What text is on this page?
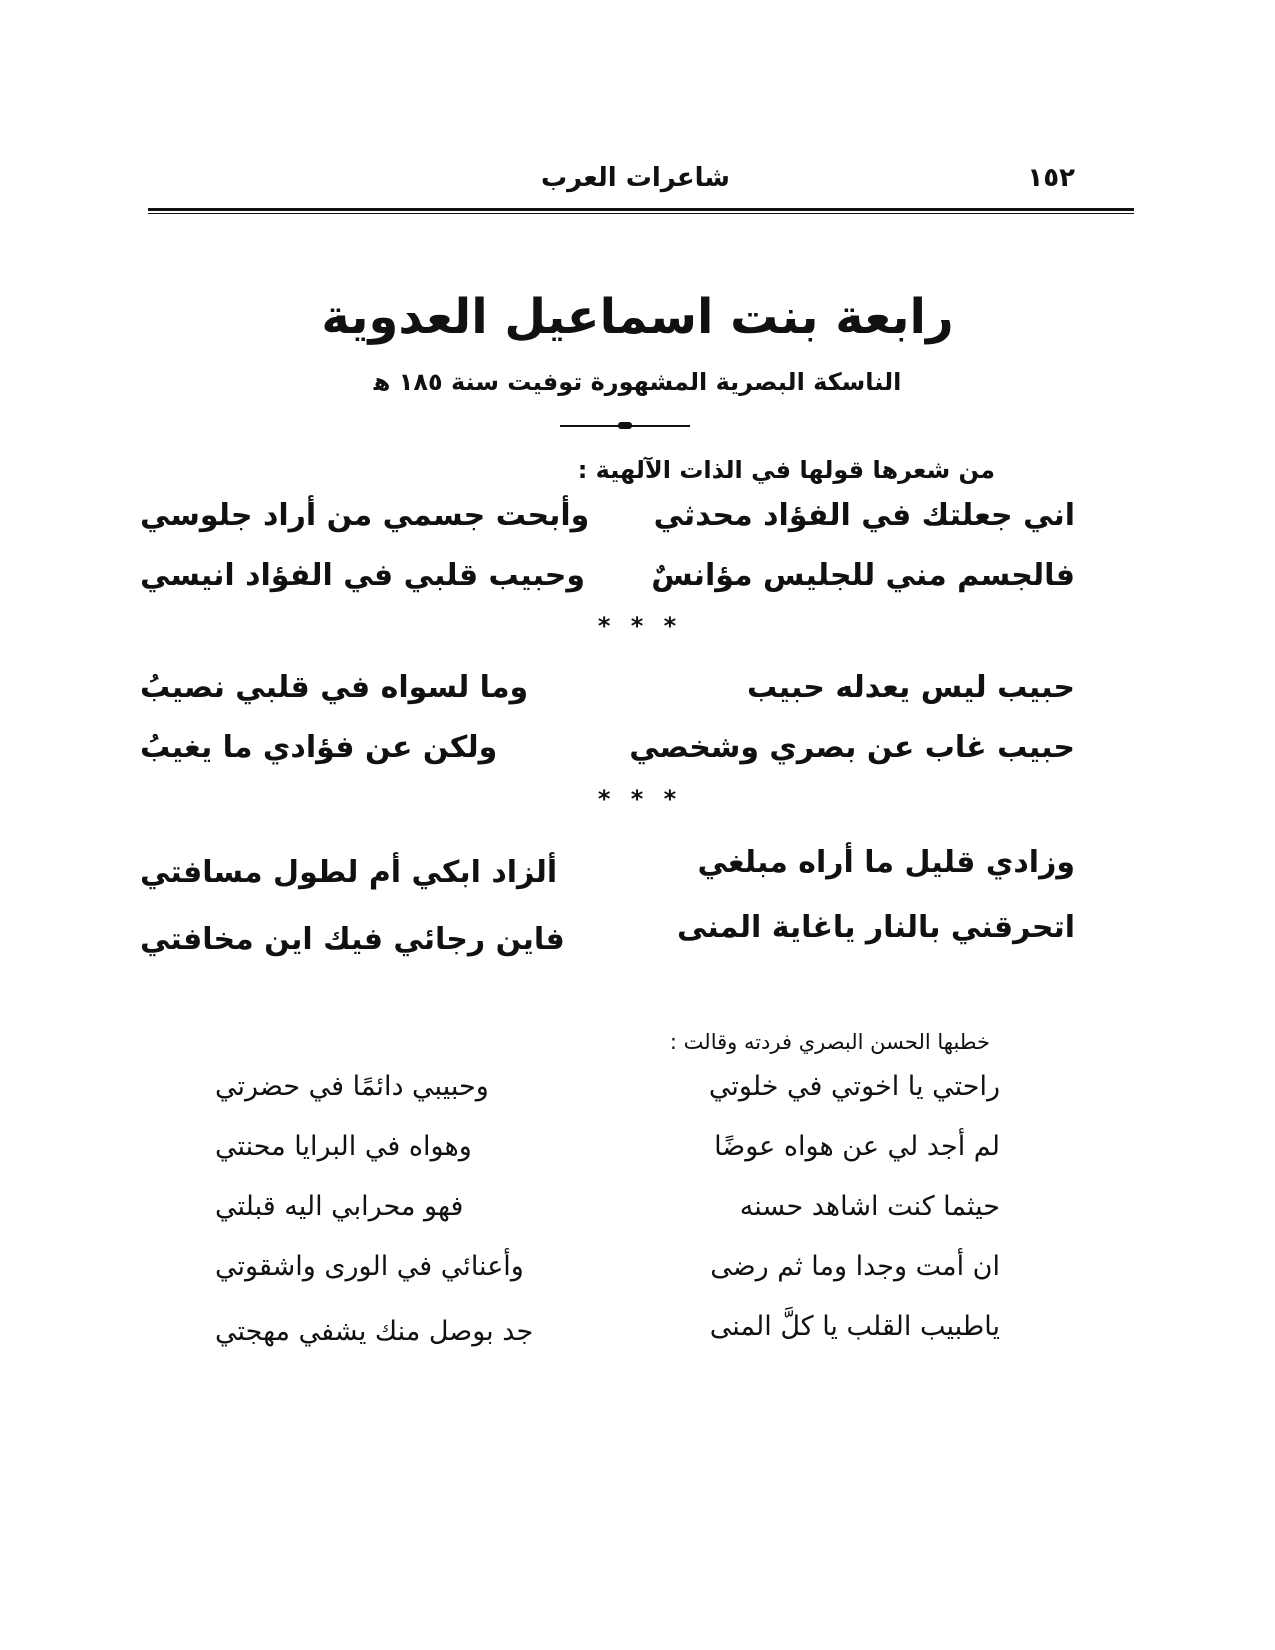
١٥٢
شاعرات العرب
رابعة بنت اسماعيل العدوية
الناسكة البصرية المشهورة توفيت سنة ١٨٥ ﻫ
من شعرها قولها في الذات الآلهية :
اني جعلتك في الفؤاد محدثي
وأبحت جسمي من أراد جلوسي
فالجسم مني للجليس مؤانسٌ
وحبيب قلبي في الفؤاد انيسي
* * *
حبيب ليس يعدله حبيب
وما لسواه في قلبي نصيبُ
حبيب غاب عن بصري وشخصي
ولكن عن فؤادي ما يغيبُ
* * *
وزادي قليل ما أراه مبلغي
ألزاد ابكي أم لطول مسافتي
اتحرقني بالنار ياغاية المنى
فاين رجائي فيك اين مخافتي
خطبها الحسن البصري فردته وقالت :
راحتي يا اخوتي في خلوتي
وحبيبي دائمًا في حضرتي
لم أجد لي عن هواه عوضًا
وهواه في البرايا محنتي
حيثما كنت اشاهد حسنه
فهو محرابي اليه قبلتي
ان أمت وجدا وما ثم رضى
وأعنائي في الورى واشقوتي
ياطبيب القلب يا كلَّ المنى
جد بوصل منك يشفي مهجتي
